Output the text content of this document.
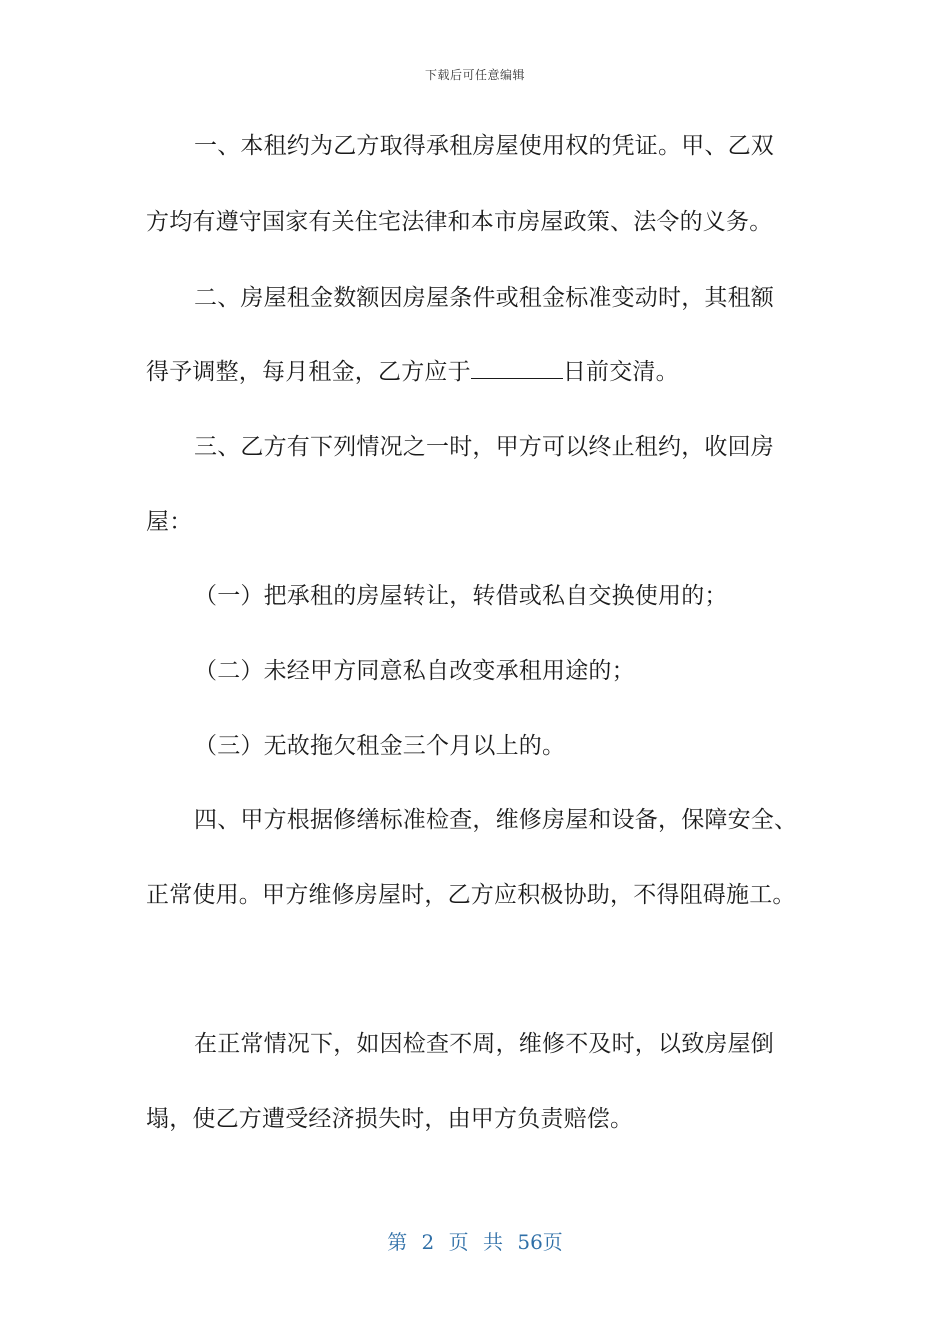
下载后可任意编辑
一、本租约为乙方取得承租房屋使用权的凭证。甲、乙双
方均有遵守国家有关住宅法律和本市房屋政策、法令的义务。
二、房屋租金数额因房屋条件或租金标准变动时，其租额
得予调整，每月租金，乙方应于	日前交清。
三、乙方有下列情况之一时，甲方可以终止租约，收回房
屋：
（一）把承租的房屋转让，转借或私自交换使用的；
（二）未经甲方同意私自改变承租用途的；
（三）无故拖欠租金三个月以上的。
四、甲方根据修缮标准检查，维修房屋和设备，保障安全、
正常使用。甲方维修房屋时，乙方应积极协助，不得阻碍施工。
在正常情况下，如因检查不周，维修不及时，以致房屋倒
塌，使乙方遭受经济损失时，由甲方负责赔偿。
第 2 页 共 56页
